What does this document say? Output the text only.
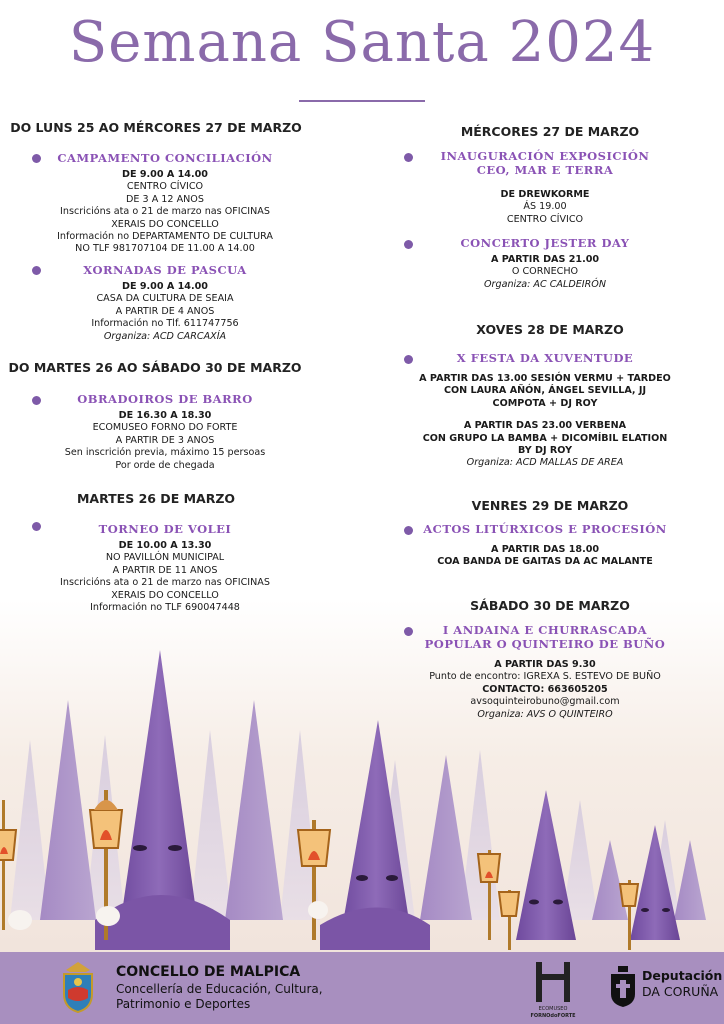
Semana Santa 2024
DO LUNS 25 AO MÉRCORES 27 DE MARZO
CAMPAMENTO CONCILIACIÓN
DE 9.00 A 14.00
CENTRO CÍVICO
DE 3 A 12 ANOS
Inscricións ata o 21 de marzo nas OFICINAS
XERAIS DO CONCELLO
Información no DEPARTAMENTO DE CULTURA
NO TLF 981707104 DE 11.00 A 14.00
XORNADAS DE PASCUA
DE 9.00 A 14.00
CASA DA CULTURA DE SEAIA
A PARTIR DE 4 ANOS
Información no Tlf. 611747756
Organiza: ACD CARCAXÍA
DO MARTES 26 AO SÁBADO 30 DE MARZO
OBRADOIROS DE BARRO
DE 16.30 A 18.30
ECOMUSEO FORNO DO FORTE
A PARTIR DE 3 ANOS
Sen inscrición previa, máximo 15 persoas
Por orde de chegada
MARTES 26 DE MARZO
TORNEO DE VOLEI
DE 10.00 A 13.30
NO PAVILLÓN MUNICIPAL
A PARTIR DE 11 ANOS
Inscricións ata o 21 de marzo nas OFICINAS
XERAIS DO CONCELLO
Información no TLF 690047448
MÉRCORES 27 DE MARZO
INAUGURACIÓN EXPOSICIÓN
CEO, MAR E TERRA
DE DREWKORME
ÁS 19.00
CENTRO CÍVICO
CONCERTO JESTER DAY
A PARTIR DAS 21.00
O CORNECHO
Organiza: AC CALDEIRÓN
XOVES 28 DE MARZO
X FESTA DA XUVENTUDE
A PARTIR DAS 13.00 SESIÓN VERMU + TARDEO
CON LAURA AÑÓN, ÁNGEL SEVILLA, JJ
COMPOTA + DJ ROY
A PARTIR DAS 23.00 VERBENA
CON GRUPO LA BAMBA + DICOMÍBIL ELATION
BY DJ ROY
Organiza: ACD MALLAS DE AREA
VENRES 29 DE MARZO
ACTOS LITÚRXICOS E PROCESIÓN
A PARTIR DAS 18.00
COA BANDA DE GAITAS DA AC MALANTE
SÁBADO 30 DE MARZO
I ANDAINA E CHURRASCADA
POPULAR O QUINTEIRO DE BUÑO
A PARTIR DAS 9.30
Punto de encontro: IGREXA S. ESTEVO DE BUÑO
CONTACTO: 663605205
avsoquinteirobuno@gmail.com
Organiza: AVS O QUINTEIRO
CONCELLO DE MALPICA
Concellería de Educación, Cultura,
Patrimonio e Deportes	ECOMUSEO
FORNOdoFORTE
Deputación
DA CORUÑA
